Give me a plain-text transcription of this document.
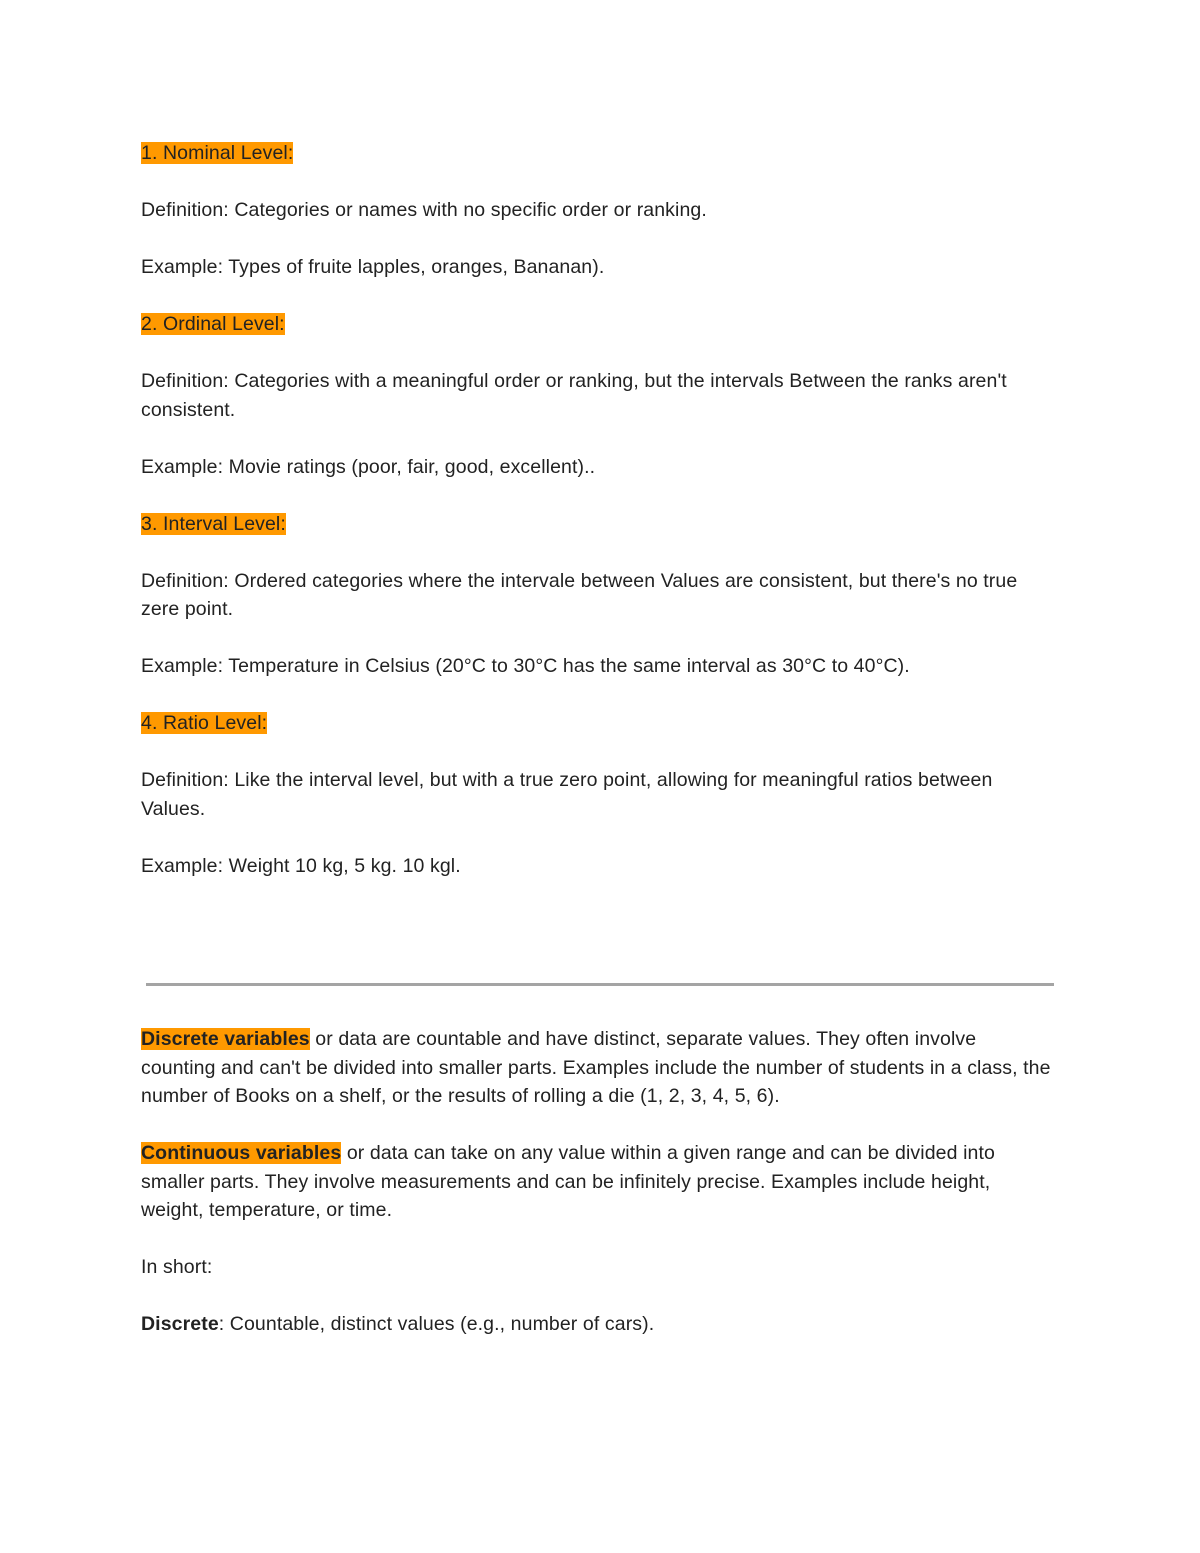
1. Nominal Level:

Definition: Categories or names with no specific order or ranking.

Example: Types of fruite lapples, oranges, Bananan).

2. Ordinal Level:

Definition: Categories with a meaningful order or ranking, but the intervals Between the ranks aren't consistent.

Example: Movie ratings (poor, fair, good, excellent)..

3. Interval Level:

Definition: Ordered categories where the intervale between Values are consistent, but there's no true zere point.

Example: Temperature in Celsius (20°C to 30°C has the same interval as 30°C to 40°C).

4. Ratio Level:

Definition: Like the interval level, but with a true zero point, allowing for meaningful ratios between Values.

Example: Weight 10 kg, 5 kg. 10 kgl.

Discrete variables or data are countable and have distinct, separate values. They often involve counting and can't be divided into smaller parts. Examples include the number of students in a class, the number of Books on a shelf, or the results of rolling a die (1, 2, 3, 4, 5, 6).

Continuous variables or data can take on any value within a given range and can be divided into smaller parts. They involve measurements and can be infinitely precise. Examples include height, weight, temperature, or time.

In short:

Discrete: Countable, distinct values (e.g., number of cars).
